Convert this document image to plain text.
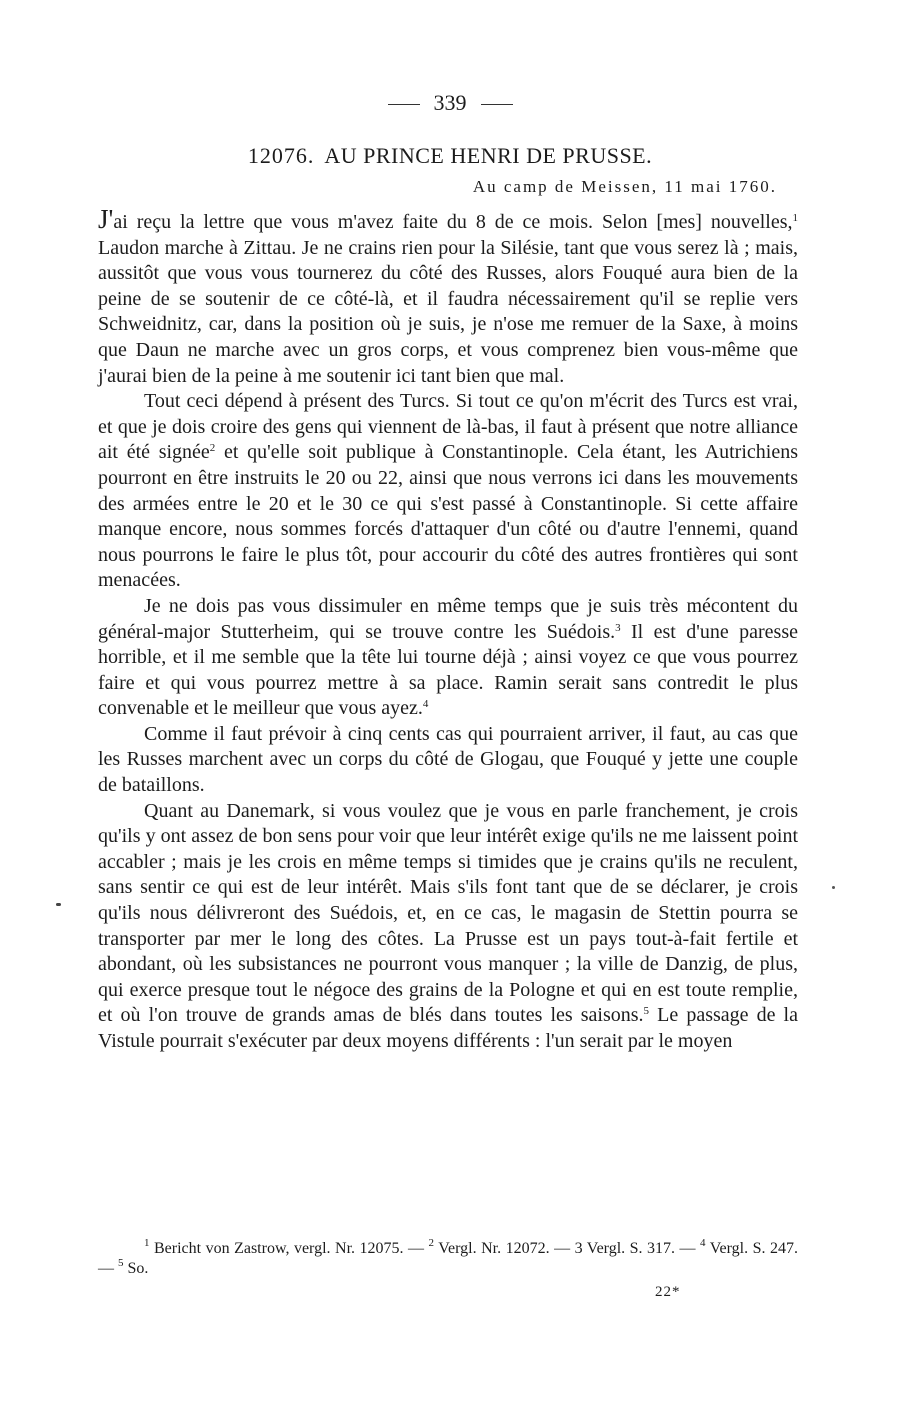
339
12076. AU PRINCE HENRI DE PRUSSE.
Au camp de Meissen, 11 mai 1760.

J'ai reçu la lettre que vous m'avez faite du 8 de ce mois. Selon [mes] nouvelles,$^1$ Laudon marche à Zittau. Je ne crains rien pour la Silésie, tant que vous serez là ; mais, aussitôt que vous vous tournerez du côté des Russes, alors Fouqué aura bien de la peine de se soutenir de ce côté-là, et il faudra nécessairement qu'il se replie vers Schweidnitz, car, dans la position où je suis, je n'ose me remuer de la Saxe, à moins que Daun ne marche avec un gros corps, et vous comprenez bien vous-même que j'aurai bien de la peine à me soutenir ici tant bien que mal.

Tout ceci dépend à présent des Turcs. Si tout ce qu'on m'écrit des Turcs est vrai, et que je dois croire des gens qui viennent de là-bas, il faut à présent que notre alliance ait été signée$^2$ et qu'elle soit publique à Constantinople. Cela étant, les Autrichiens pourront en être instruits le 20 ou 22, ainsi que nous verrons ici dans les mouvements des armées entre le 20 et le 30 ce qui s'est passé à Constantinople. Si cette affaire manque encore, nous sommes forcés d'attaquer d'un côté ou d'autre l'ennemi, quand nous pourrons le faire le plus tôt, pour accourir du côté des autres frontières qui sont menacées.

Je ne dois pas vous dissimuler en même temps que je suis très mécontent du général-major Stutterheim, qui se trouve contre les Suédois.$^3$ Il est d'une paresse horrible, et il me semble que la tête lui tourne déjà ; ainsi voyez ce que vous pourrez faire et qui vous pourrez mettre à sa place. Ramin serait sans contredit le plus convenable et le meilleur que vous ayez.$^4$

Comme il faut prévoir à cinq cents cas qui pourraient arriver, il faut, au cas que les Russes marchent avec un corps du côté de Glogau, que Fouqué y jette une couple de bataillons.

Quant au Danemark, si vous voulez que je vous en parle franchement, je crois qu'ils y ont assez de bon sens pour voir que leur intérêt exige qu'ils ne me laissent point accabler ; mais je les crois en même temps si timides que je crains qu'ils ne reculent, sans sentir ce qui est de leur intérêt. Mais s'ils font tant que de se déclarer, je crois qu'ils nous délivreront des Suédois, et, en ce cas, le magasin de Stettin pourra se transporter par mer le long des côtes. La Prusse est un pays tout-à-fait fertile et abondant, où les subsistances ne pourront vous manquer ; la ville de Danzig, de plus, qui exerce presque tout le négoce des grains de la Pologne et qui en est toute remplie, et où l'on trouve de grands amas de blés dans toutes les saisons.$^5$ Le passage de la Vistule pourrait s'exécuter par deux moyens différents : l'un serait par le moyen

$^1$ Bericht von Zastrow, vergl. Nr. 12075. — $^2$ Vergl. Nr. 12072. — 3 Vergl. S. 317. — $^4$ Vergl. S. 247. — $^5$ So.

22*
